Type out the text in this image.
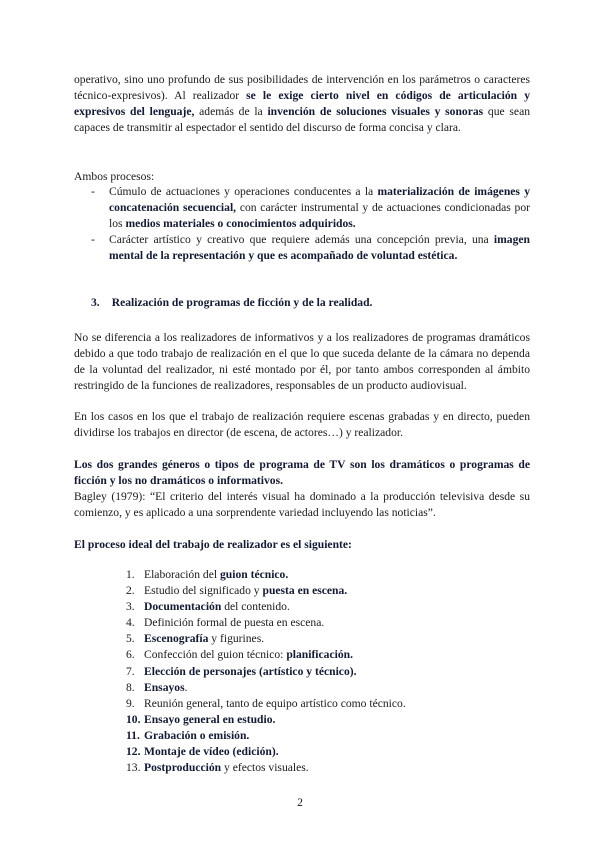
operativo, sino uno profundo de sus posibilidades de intervención en los parámetros o caracteres técnico-expresivos). Al realizador se le exige cierto nivel en códigos de articulación y expresivos del lenguaje, además de la invención de soluciones visuales y sonoras que sean capaces de transmitir al espectador el sentido del discurso de forma concisa y clara.

Ambos procesos:

- Cúmulo de actuaciones y operaciones conducentes a la materialización de imágenes y concatenación secuencial, con carácter instrumental y de actuaciones condicionadas por los medios materiales o conocimientos adquiridos.
- Carácter artístico y creativo que requiere además una concepción previa, una imagen mental de la representación y que es acompañado de voluntad estética.

3. Realización de programas de ficción y de la realidad.

No se diferencia a los realizadores de informativos y a los realizadores de programas dramáticos debido a que todo trabajo de realización en el que lo que suceda delante de la cámara no dependa de la voluntad del realizador, ni esté montado por él, por tanto ambos corresponden al ámbito restringido de la funciones de realizadores, responsables de un producto audiovisual.

En los casos en los que el trabajo de realización requiere escenas grabadas y en directo, pueden dividirse los trabajos en director (de escena, de actores…) y realizador.

Los dos grandes géneros o tipos de programa de TV son los dramáticos o programas de ficción y los no dramáticos o informativos.

Bagley (1979): “El criterio del interés visual ha dominado a la producción televisiva desde su comienzo, y es aplicado a una sorprendente variedad incluyendo las noticias”.

El proceso ideal del trabajo de realizador es el siguiente:

1. Elaboración del guion técnico.
2. Estudio del significado y puesta en escena.
3. Documentación del contenido.
4. Definición formal de puesta en escena.
5. Escenografía y figurines.
6. Confección del guion técnico: planificación.
7. Elección de personajes (artístico y técnico).
8. Ensayos.
9. Reunión general, tanto de equipo artístico como técnico.
10. Ensayo general en estudio.
11. Grabación o emisión.
12. Montaje de vídeo (edición).
13. Postproducción y efectos visuales.

2
